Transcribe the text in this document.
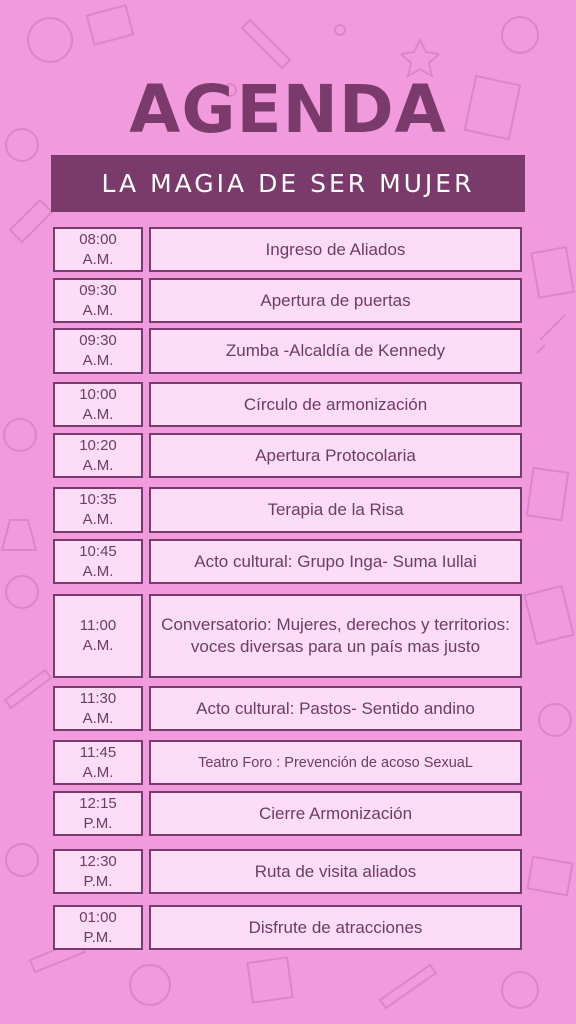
AGENDA
LA MAGIA DE SER MUJER
08:00
A.M.
Ingreso de Aliados
09:30
A.M.
Apertura de puertas
09:30
A.M.
Zumba -Alcaldía de Kennedy
10:00
A.M.
Círculo de armonización
10:20
A.M.
Apertura Protocolaria
10:35
A.M.
Terapia de la Risa
10:45
A.M.
Acto cultural: Grupo Inga- Suma Iullai
11:00
A.M.
Conversatorio: Mujeres, derechos y territorios: voces diversas para un país mas justo
11:30
A.M.
Acto cultural: Pastos- Sentido andino
11:45
A.M.
Teatro Foro : Prevención de acoso SexuaL
12:15
P.M.
Cierre Armonización
12:30
P.M.
Ruta de visita aliados
01:00
P.M.
Disfrute de atracciones
